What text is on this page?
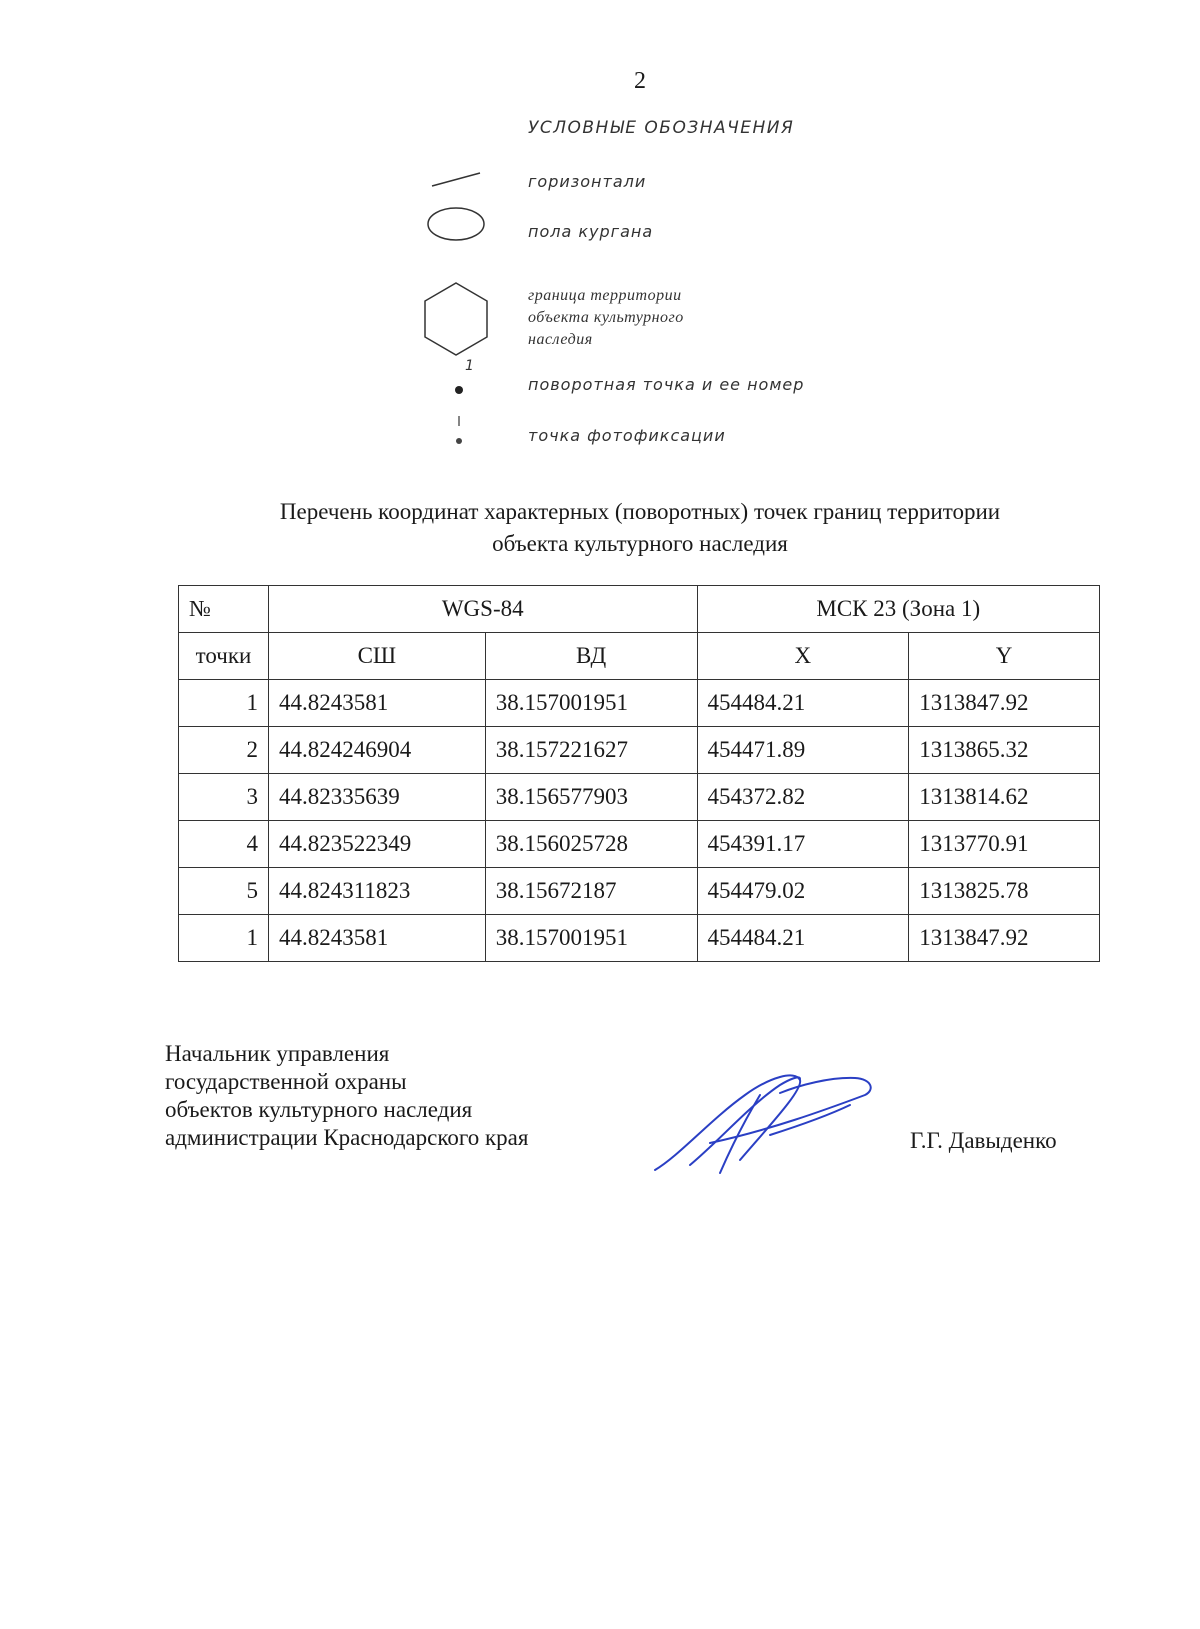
2
УСЛОВНЫЕ ОБОЗНАЧЕНИЯ
горизонтали
пола кургана
граница территории
объекта культурного
наследия
1
поворотная точка и ее номер
точка фотофиксации
Перечень координат характерных (поворотных) точек границ территории
объекта культурного наследия
№	WGS-84		МСК 23 (Зона 1)	
точки	СШ	ВД	X	Y
1	44.8243581	38.157001951	454484.21	1313847.92
2	44.824246904	38.157221627	454471.89	1313865.32
3	44.82335639	38.156577903	454372.82	1313814.62
4	44.823522349	38.156025728	454391.17	1313770.91
5	44.824311823	38.15672187	454479.02	1313825.78
1	44.8243581	38.157001951	454484.21	1313847.92
Начальник управления
государственной охраны
объектов культурного наследия
администрации Краснодарского края	Г.Г. Давыденко
